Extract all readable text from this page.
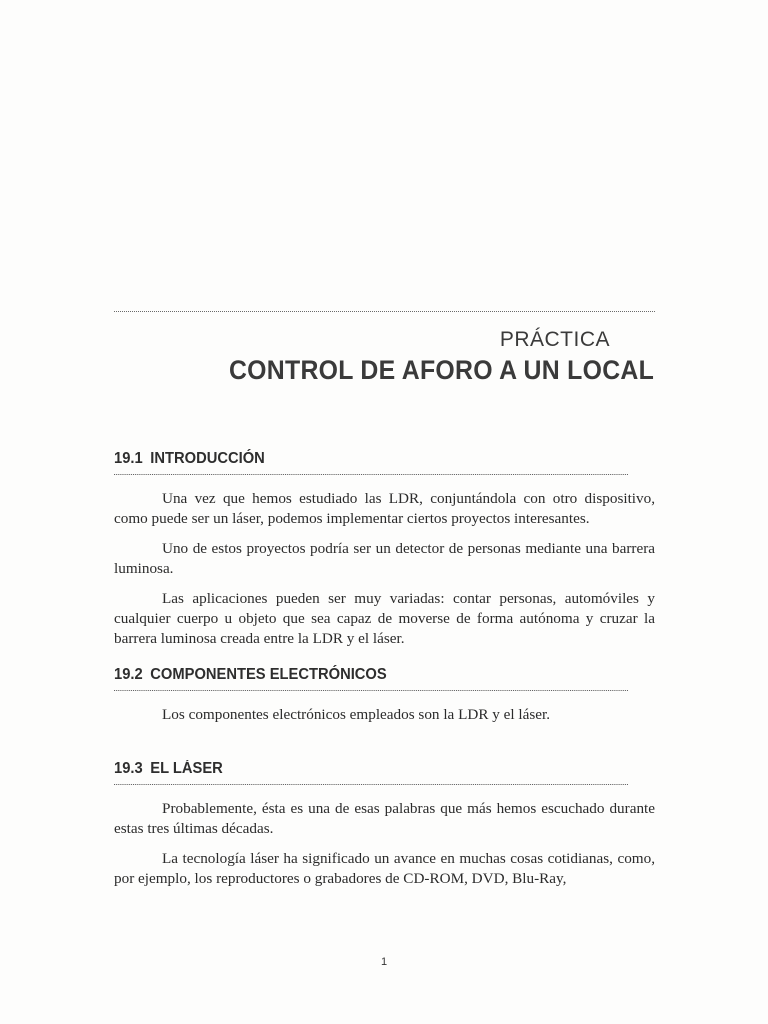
PRÁCTICA
CONTROL DE AFORO A UN LOCAL
19.1 INTRODUCCIÓN

Una vez que hemos estudiado las LDR, conjuntándola con otro dispositivo, como puede ser un láser, podemos implementar ciertos proyectos interesantes.

Uno de estos proyectos podría ser un detector de personas mediante una barrera luminosa.

Las aplicaciones pueden ser muy variadas: contar personas, automóviles y cualquier cuerpo u objeto que sea capaz de moverse de forma autónoma y cruzar la barrera luminosa creada entre la LDR y el láser.

19.2 COMPONENTES ELECTRÓNICOS

Los componentes electrónicos empleados son la LDR y el láser.

19.3 EL LÁSER

Probablemente, ésta es una de esas palabras que más hemos escuchado durante estas tres últimas décadas.

La tecnología láser ha significado un avance en muchas cosas cotidianas, como, por ejemplo, los reproductores o grabadores de CD-ROM, DVD, Blu-Ray,

1
